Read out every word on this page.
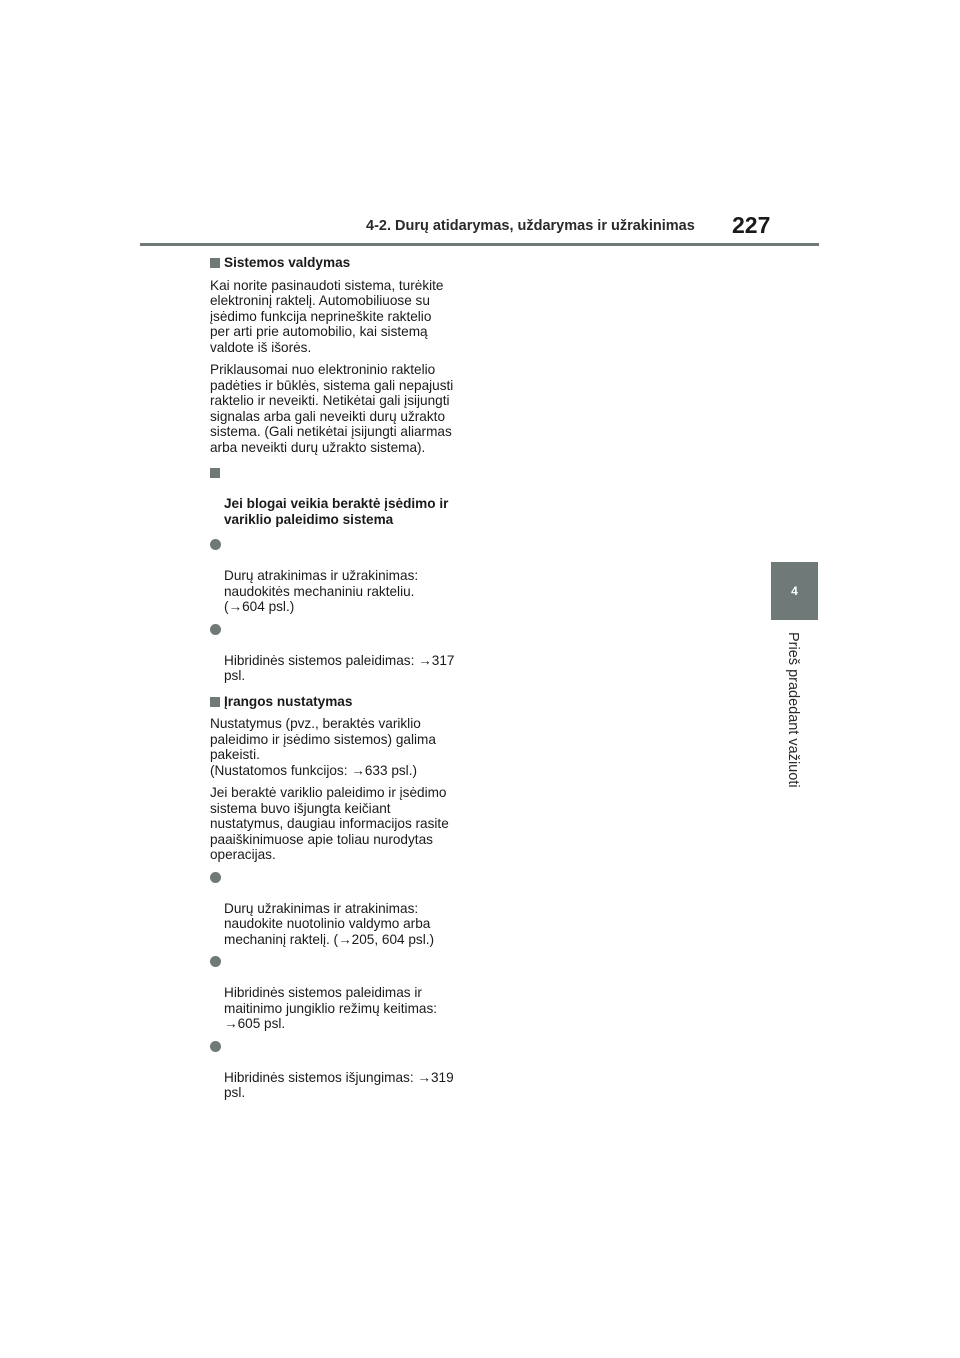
4-2. Durų atidarymas, uždarymas ir užrakinimas 227
4
Prieš pradedant važiuoti
Sistemos valdymas
Kai norite pasinaudoti sistema, turėkite
elektroninį raktelį. Automobiliuose su
įsėdimo funkcija neprineškite raktelio
per arti prie automobilio, kai sistemą
valdote iš išorės.
Priklausomai nuo elektroninio raktelio
padėties ir būklės, sistema gali nepajusti
raktelio ir neveikti. Netikėtai gali įsijungti
signalas arba gali neveikti durų užrakto
sistema. (Gali netikėtai įsijungti aliarmas
arba neveikti durų užrakto sistema).

Jei blogai veikia beraktė įsėdimo ir
variklio paleidimo sistema

Durų atrakinimas ir užrakinimas:
naudokitės mechaniniu rakteliu.
(→604 psl.)

Hibridinės sistemos paleidimas: →317
psl.

Įrangos nustatymas
Nustatymus (pvz., beraktės variklio
paleidimo ir įsėdimo sistemos) galima
pakeisti.
(Nustatomos funkcijos: →633 psl.)
Jei beraktė variklio paleidimo ir įsėdimo
sistema buvo išjungta keičiant
nustatymus, daugiau informacijos rasite
paaiškinimuose apie toliau nurodytas
operacijas.

Durų užrakinimas ir atrakinimas:
naudokite nuotolinio valdymo arba
mechaninį raktelį. (→205, 604 psl.)

Hibridinės sistemos paleidimas ir
maitinimo jungiklio režimų keitimas:
→605 psl.

Hibridinės sistemos išjungimas: →319
psl.
